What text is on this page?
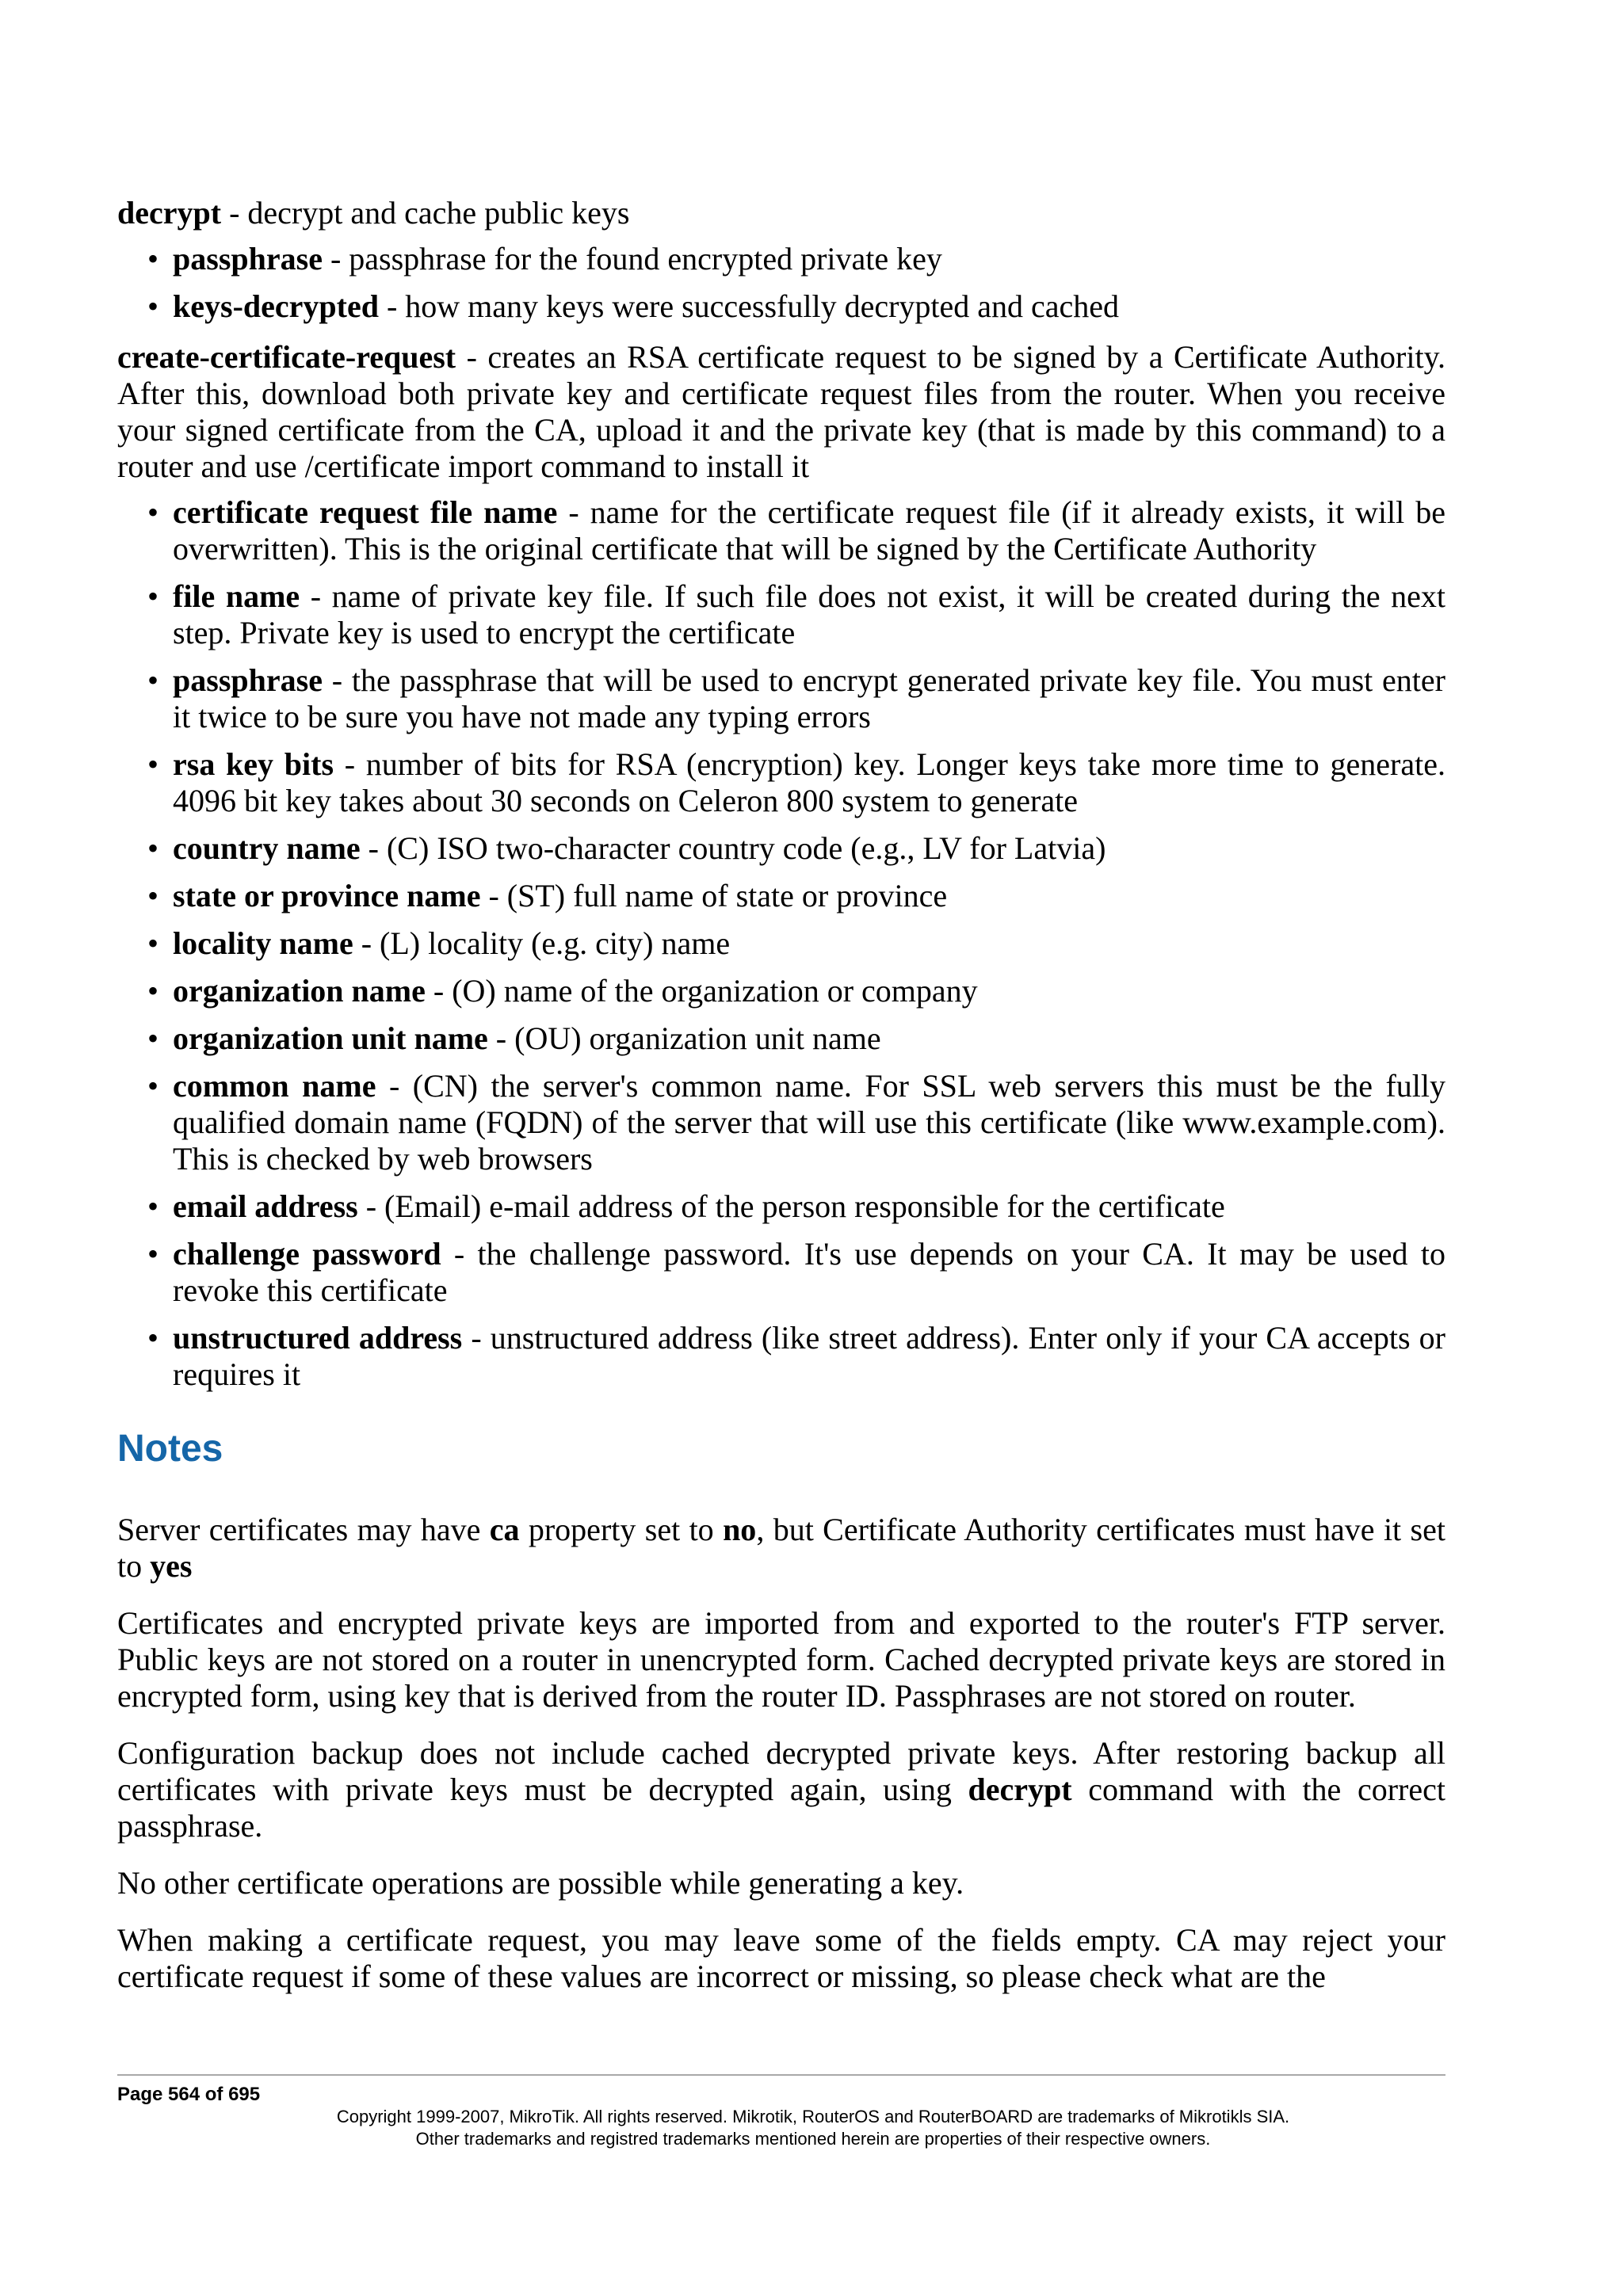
decrypt - decrypt and cache public keys

• passphrase - passphrase for the found encrypted private key
• keys-decrypted - how many keys were successfully decrypted and cached

create-certificate-request - creates an RSA certificate request to be signed by a Certificate Authority. After this, download both private key and certificate request files from the router. When you receive your signed certificate from the CA, upload it and the private key (that is made by this command) to a router and use /certificate import command to install it

• certificate request file name - name for the certificate request file (if it already exists, it will be overwritten). This is the original certificate that will be signed by the Certificate Authority
• file name - name of private key file. If such file does not exist, it will be created during the next step. Private key is used to encrypt the certificate
• passphrase - the passphrase that will be used to encrypt generated private key file. You must enter it twice to be sure you have not made any typing errors
• rsa key bits - number of bits for RSA (encryption) key. Longer keys take more time to generate. 4096 bit key takes about 30 seconds on Celeron 800 system to generate
• country name - (C) ISO two-character country code (e.g., LV for Latvia)
• state or province name - (ST) full name of state or province
• locality name - (L) locality (e.g. city) name
• organization name - (O) name of the organization or company
• organization unit name - (OU) organization unit name
• common name - (CN) the server's common name. For SSL web servers this must be the fully qualified domain name (FQDN) of the server that will use this certificate (like www.example.com). This is checked by web browsers
• email address - (Email) e-mail address of the person responsible for the certificate
• challenge password - the challenge password. It's use depends on your CA. It may be used to revoke this certificate
• unstructured address - unstructured address (like street address). Enter only if your CA accepts or requires it
Notes

Server certificates may have ca property set to no, but Certificate Authority certificates must have it set to yes

Certificates and encrypted private keys are imported from and exported to the router's FTP server. Public keys are not stored on a router in unencrypted form. Cached decrypted private keys are stored in encrypted form, using key that is derived from the router ID. Passphrases are not stored on router.

Configuration backup does not include cached decrypted private keys. After restoring backup all certificates with private keys must be decrypted again, using decrypt command with the correct passphrase.

No other certificate operations are possible while generating a key.

When making a certificate request, you may leave some of the fields empty. CA may reject your certificate request if some of these values are incorrect or missing, so please check what are the

Page 564 of 695
Copyright 1999-2007, MikroTik. All rights reserved. Mikrotik, RouterOS and RouterBOARD are trademarks of Mikrotikls SIA.
Other trademarks and registred trademarks mentioned herein are properties of their respective owners.
